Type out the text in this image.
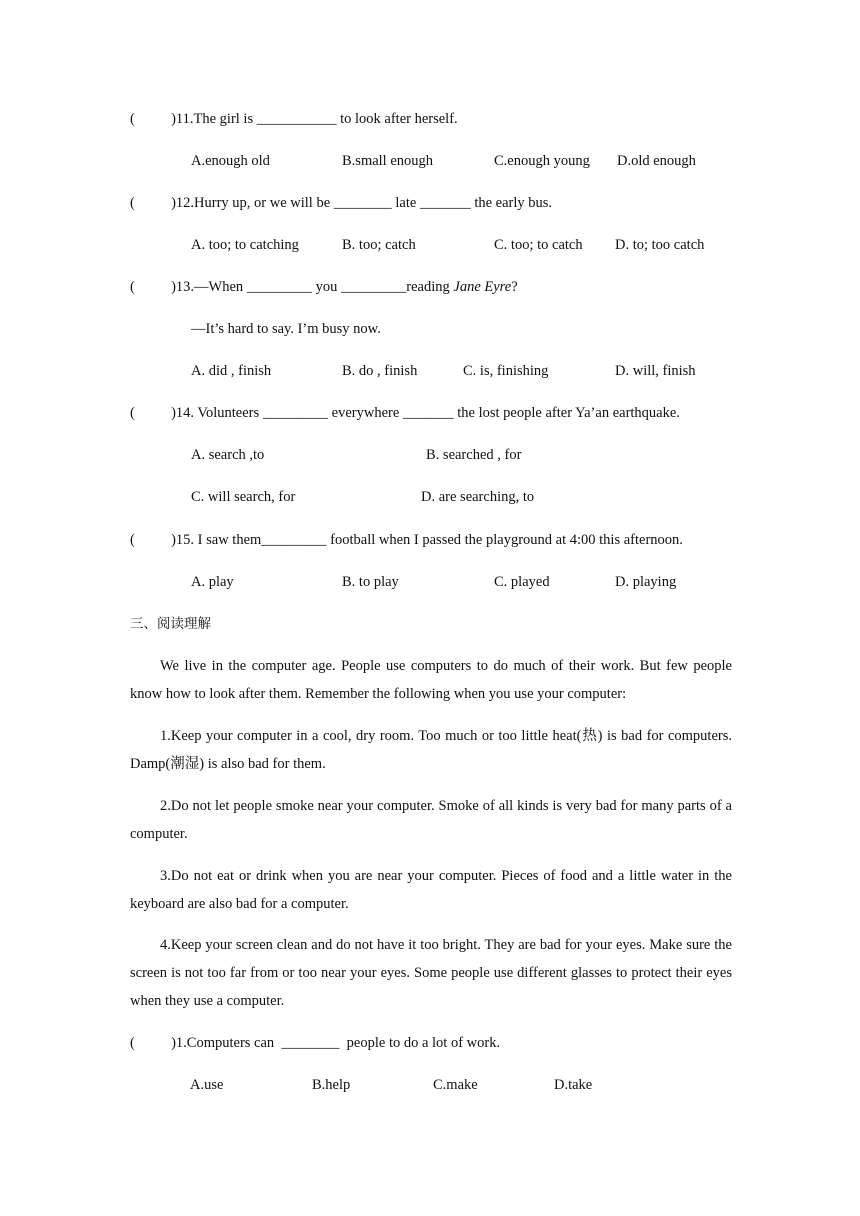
(          )11.The girl is ___________ to look after herself.
A.enough old	B.small enough	C.enough young D.old enough
(          )12.Hurry up, or we will be ________ late _______ the early bus.
A. too; to catching	B. too; catch	C. too; to catch D. to; too catch
(          )13.—When _________ you _________reading Jane Eyre?
—It’s hard to say. I’m busy now.
A. did , finish	B. do , finish	C. is, finishing	D. will, finish
(          )14. Volunteers _________ everywhere _______ the lost people after Ya’an earthquake.
A. search ,to	B. searched , for
C. will search, for	D. are searching, to
(          )15. I saw them_________ football when I passed the playground at 4:00 this afternoon.
A. play	B. to play	C. played	D. playing
三、阅读理解
We live in the computer age. People use computers to do much of their work. But few people know how to look after them. Remember the following when you use your computer:
1.Keep your computer in a cool, dry room. Too much or too little heat(热) is bad for computers. Damp(潮湿) is also bad for them.
2.Do not let people smoke near your computer. Smoke of all kinds is very bad for many parts of a computer.
3.Do not eat or drink when you are near your computer. Pieces of food and a little water in the keyboard are also bad for a computer.
4.Keep your screen clean and do not have it too bright. They are bad for your eyes. Make sure the screen is not too far from or too near your eyes. Some people use different glasses to protect their eyes when they use a computer.
(          )1.Computers can  ________  people to do a lot of work.
A.use	B.help	C.make	D.take
